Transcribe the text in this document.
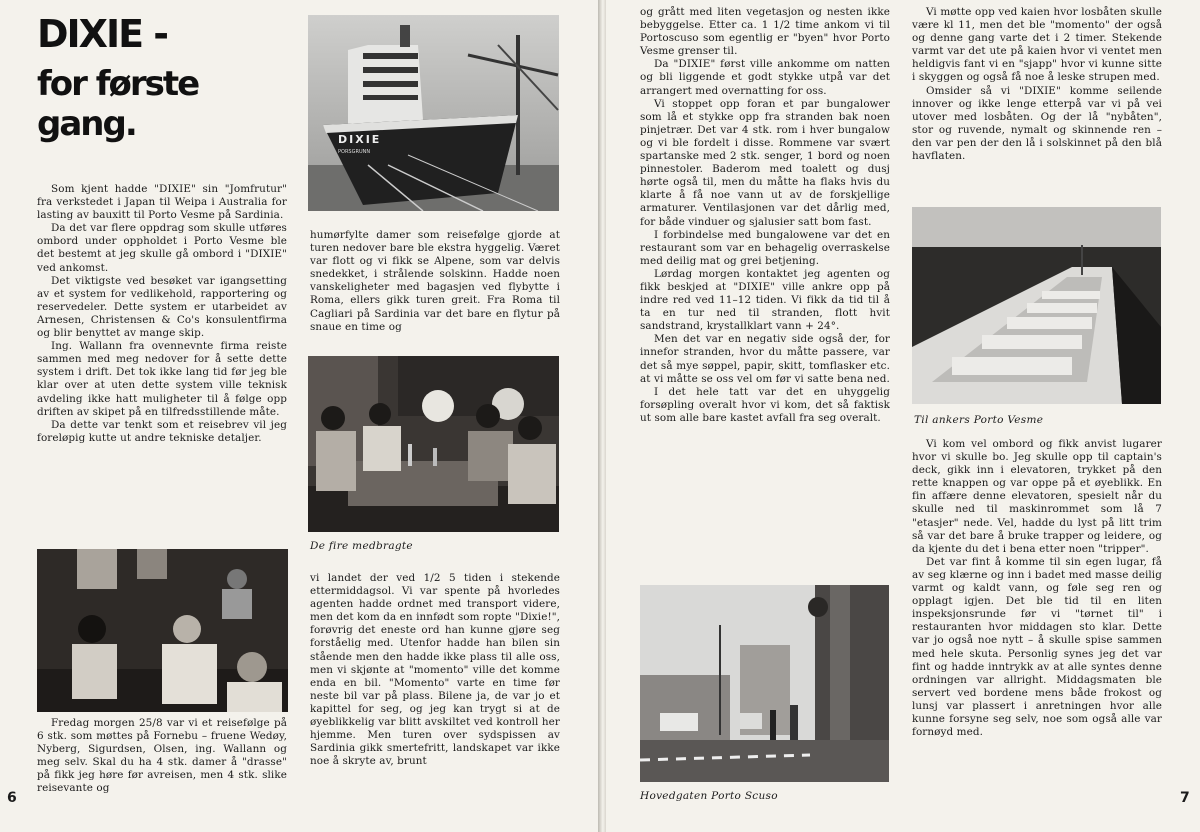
DIXIE -
for første gang.

Som kjent hadde "DIXIE" sin "Jomfrutur" fra verkstedet i Japan til Weipa i Australia for lasting av bauxitt til Porto Vesme på Sardinia.

Da det var flere oppdrag som skulle utføres ombord under oppholdet i Porto Vesme ble det bestemt at jeg skulle gå ombord i "DIXIE" ved ankomst.

Det viktigste ved besøket var igangsetting av et system for vedlikehold, rapportering og reservedeler. Dette system er utarbeidet av Arnesen, Christensen & Co's konsulentfirma og blir benyttet av mange skip.

Ing. Wallann fra ovennevnte firma reiste sammen med meg nedover for å sette dette system i drift. Det tok ikke lang tid før jeg ble klar over at uten dette system ville teknisk avdeling ikke hatt muligheter til å følge opp driften av skipet på en tilfredsstillende måte.

Da dette var tenkt som et reisebrev vil jeg foreløpig kutte ut andre tekniske detaljer.

DIXIE
PORSGRUNN

humørfylte damer som reisefølge gjorde at turen nedover bare ble ekstra hyggelig. Været var flott og vi fikk se Alpene, som var delvis snedekket, i strålende solskinn. Hadde noen vanskeligheter med bagasjen ved flybytte i Roma, ellers gikk turen greit. Fra Roma til Cagliari på Sardinia var det bare en flytur på snaue en time og

De fire medbragte

Fredag morgen 25/8 var vi et reisefølge på 6 stk. som møttes på Fornebu – fruene Wedøy, Nyberg, Sigurdsen, Olsen, ing. Wallann og meg selv. Skal du ha 4 stk. damer å "drasse" på fikk jeg høre før avreisen, men 4 stk. slike reisevante og

vi landet der ved 1/2 5 tiden i stekende ettermiddagsol. Vi var spente på hvorledes agenten hadde ordnet med transport videre, men det kom da en innfødt som ropte "Dixie!", forøvrig det eneste ord han kunne gjøre seg forståelig med. Utenfor hadde han bilen sin stående men den hadde ikke plass til alle oss, men vi skjønte at "momento" ville det komme enda en bil. "Momento" varte en time før neste bil var på plass. Bilene ja, de var jo et kapittel for seg, og jeg kan trygt si at de øyeblikkelig var blitt avskiltet ved kontroll her hjemme. Men turen over sydspissen av Sardinia gikk smertefritt, landskapet var ikke noe å skryte av, brunt

6

og grått med liten vegetasjon og nesten ikke bebyggelse. Etter ca. 1 1/2 time ankom vi til Portoscuso som egentlig er "byen" hvor Porto Vesme grenser til.

Da "DIXIE" først ville ankomme om natten og bli liggende et godt stykke utpå var det arrangert med overnatting for oss.

Vi stoppet opp foran et par bungalower som lå et stykke opp fra stranden bak noen pinjetrær. Det var 4 stk. rom i hver bungalow og vi ble fordelt i disse. Rommene var svært spartanske med 2 stk. senger, 1 bord og noen pinnestoler. Baderom med toalett og dusj hørte også til, men du måtte ha flaks hvis du klarte å få noe vann ut av de forskjellige armaturer. Ventilasjonen var det dårlig med, for både vinduer og sjalusier satt bom fast.

I forbindelse med bungalowene var det en restaurant som var en behagelig overraskelse med deilig mat og grei betjening.

Lørdag morgen kontaktet jeg agenten og fikk beskjed at "DIXIE" ville ankre opp på indre red ved 11–12 tiden. Vi fikk da tid til å ta en tur ned til stranden, flott hvit sandstrand, krystallklart vann + 24°.

Men det var en negativ side også der, for innefor stranden, hvor du måtte passere, var det så mye søppel, papir, skitt, tomflasker etc. at vi måtte se oss vel om før vi satte bena ned.

I det hele tatt var det en uhyggelig forsøpling overalt hvor vi kom, det så faktisk ut som alle bare kastet avfall fra seg overalt.

Hovedgaten Porto Scuso

Vi møtte opp ved kaien hvor losbåten skulle være kl 11, men det ble "momento" der også og denne gang varte det i 2 timer. Stekende varmt var det ute på kaien hvor vi ventet men heldigvis fant vi en "sjapp" hvor vi kunne sitte i skyggen og også få noe å leske strupen med.

Omsider så vi "DIXIE" komme seilende innover og ikke lenge etterpå var vi på vei utover med losbåten. Og der lå "nybåten", stor og ruvende, nymalt og skinnende ren – den var pen der den lå i solskinnet på den blå havflaten.

Til ankers Porto Vesme

Vi kom vel ombord og fikk anvist lugarer hvor vi skulle bo. Jeg skulle opp til captain's deck, gikk inn i elevatoren, trykket på den rette knappen og var oppe på et øyeblikk. En fin affære denne elevatoren, spesielt når du skulle ned til maskinrommet som lå 7 "etasjer" nede. Vel, hadde du lyst på litt trim så var det bare å bruke trapper og leidere, og da kjente du det i bena etter noen "tripper".

Det var fint å komme til sin egen lugar, få av seg klærne og inn i badet med masse deilig varmt og kaldt vann, og føle seg ren og opplagt igjen. Det ble tid til en liten inspeksjonsrunde før vi "tørnet til" i restauranten hvor middagen sto klar. Dette var jo også noe nytt – å skulle spise sammen med hele skuta. Personlig synes jeg det var fint og hadde inntrykk av at alle syntes denne ordningen var allright. Middagsmaten ble servert ved bordene mens både frokost og lunsj var plassert i anretningen hvor alle kunne forsyne seg selv, noe som også alle var fornøyd med.

7
